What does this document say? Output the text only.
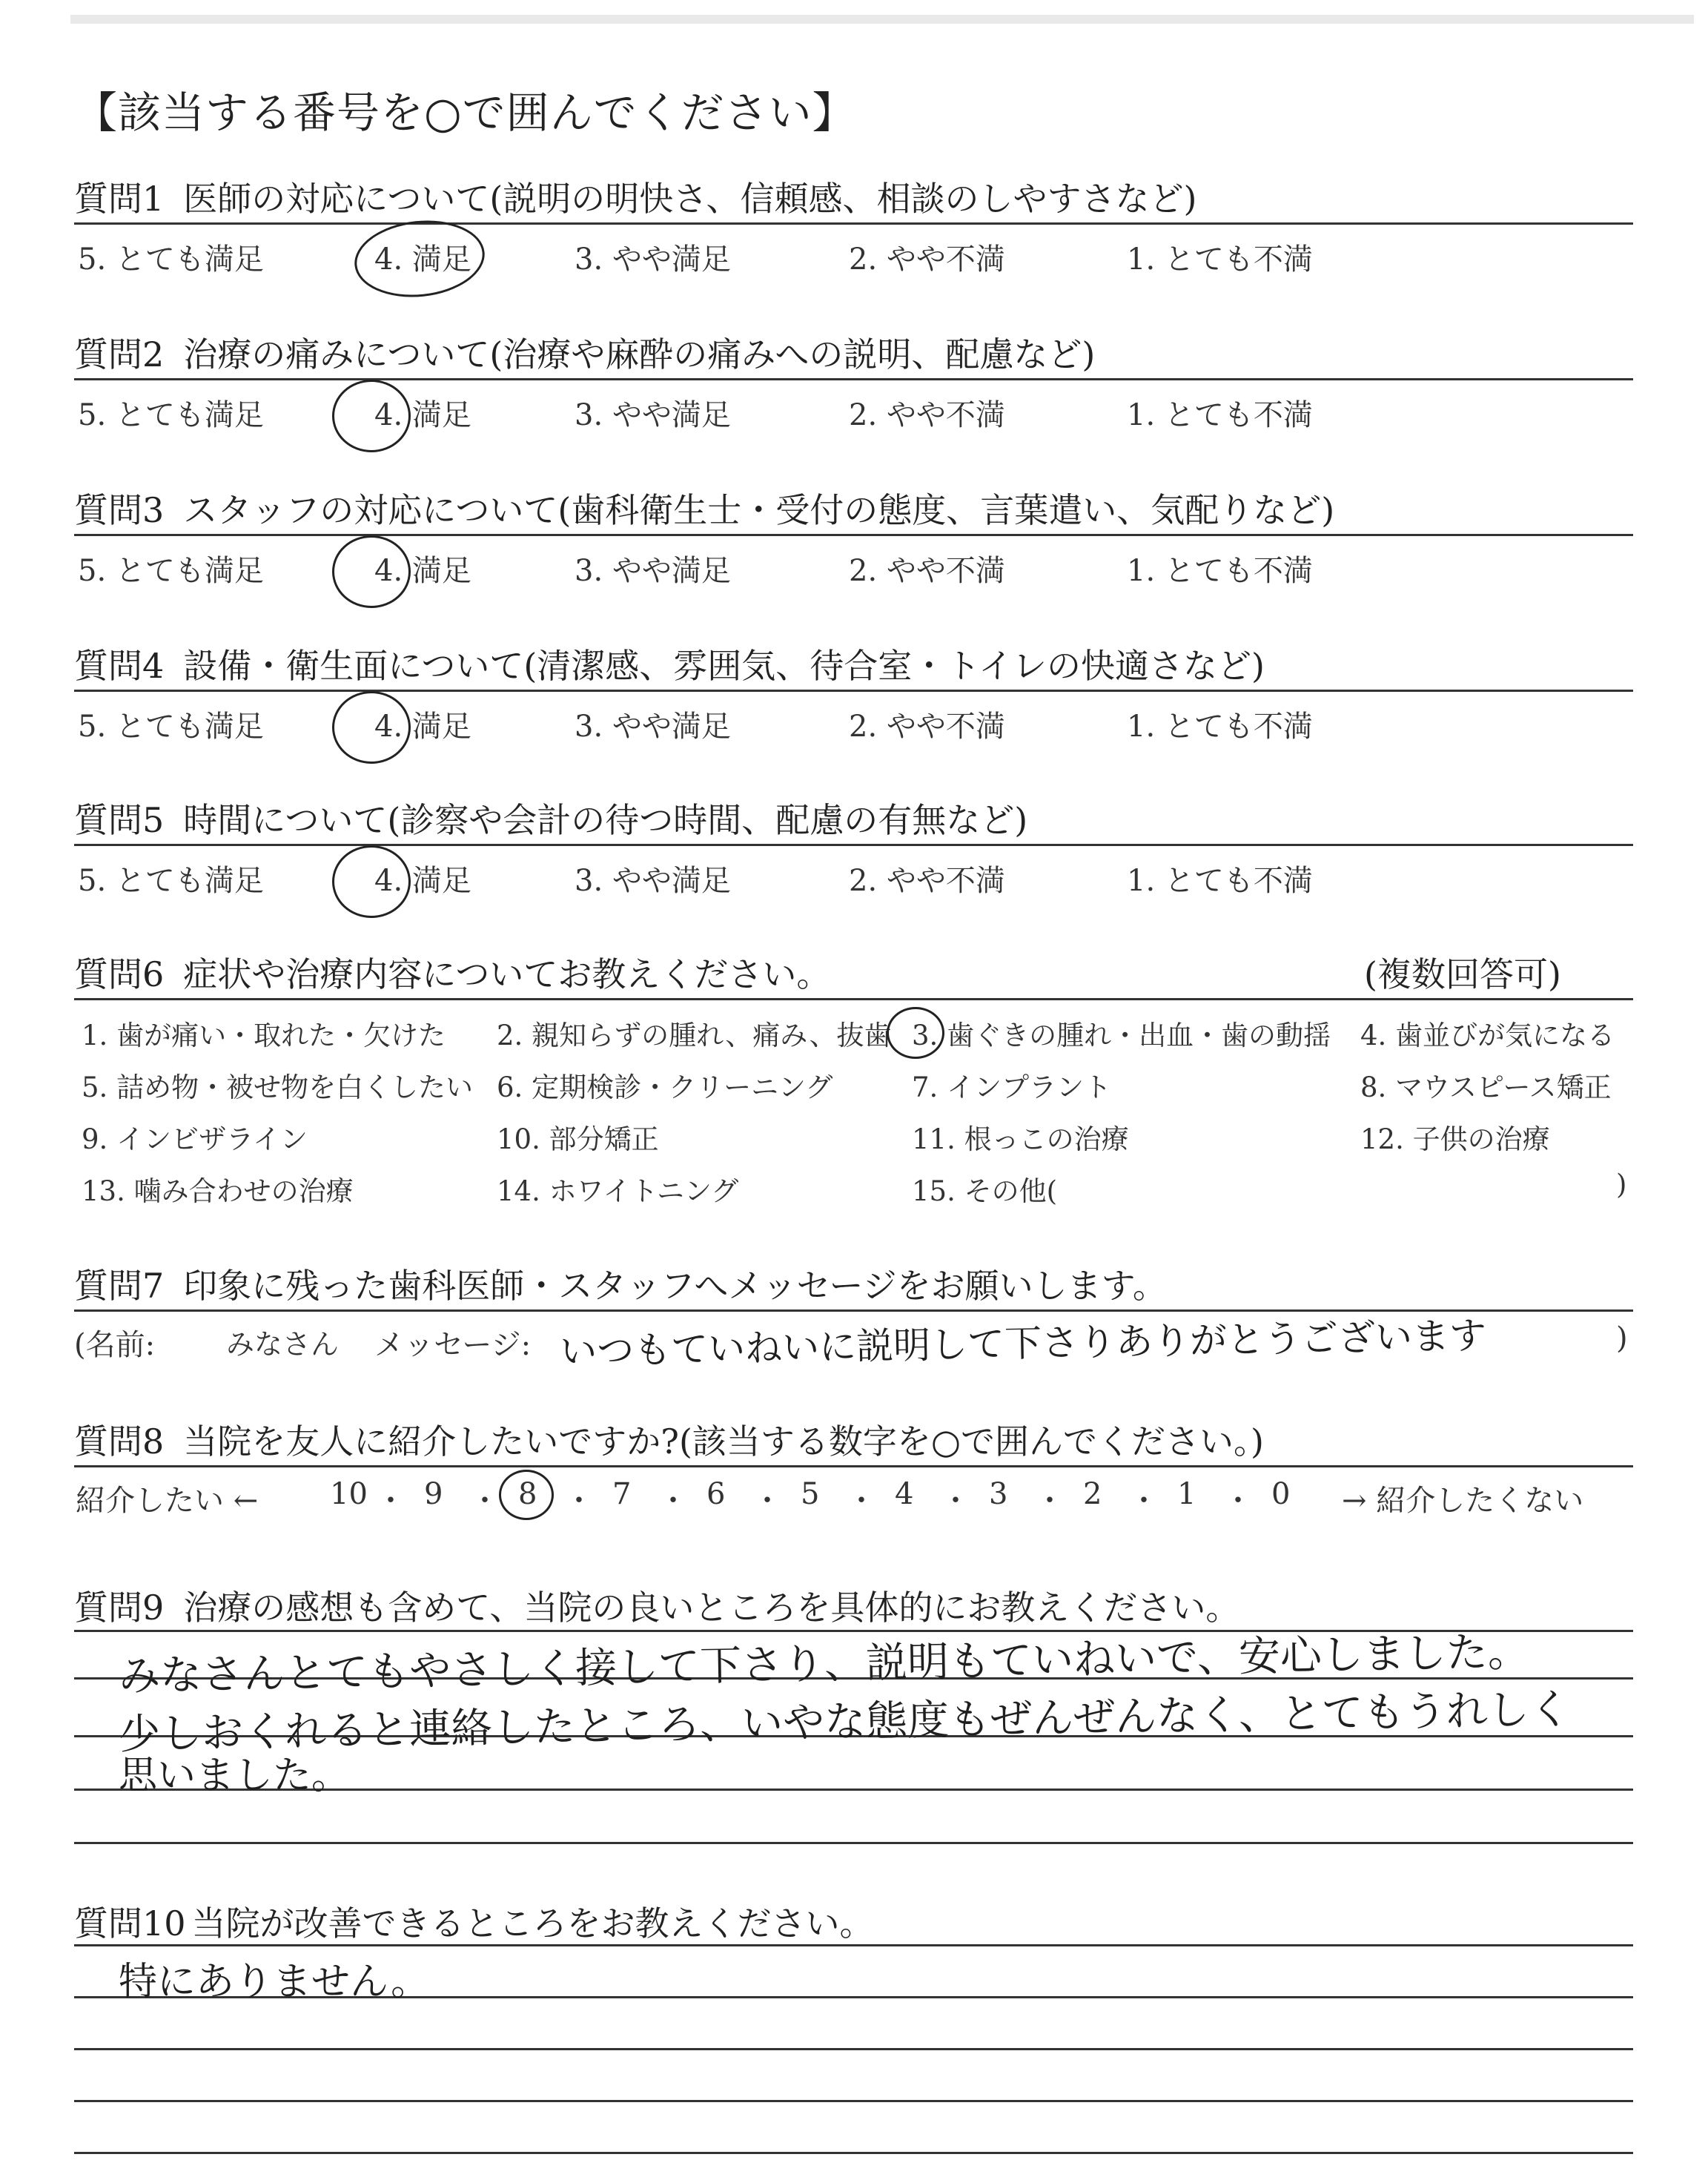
【該当する番号を○で囲んでください】
質問1 医師の対応について(説明の明快さ、信頼感、相談のしやすさなど)
5. とても満足	4. 満足	3. やや満足	2. やや不満	1. とても不満
質問2 治療の痛みについて(治療や麻酔の痛みへの説明、配慮など)
5. とても満足	4. 満足	3. やや満足	2. やや不満	1. とても不満
質問3 スタッフの対応について(歯科衛生士・受付の態度、言葉遣い、気配りなど)
5. とても満足	4. 満足	3. やや満足	2. やや不満	1. とても不満
質問4 設備・衛生面について(清潔感、雰囲気、待合室・トイレの快適さなど)
5. とても満足	4. 満足	3. やや満足	2. やや不満	1. とても不満
質問5 時間について(診察や会計の待つ時間、配慮の有無など)
5. とても満足	4. 満足	3. やや満足	2. やや不満	1. とても不満
質問6 症状や治療内容についてお教えください。	(複数回答可)
1. 歯が痛い・取れた・欠けた 2. 親知らずの腫れ、痛み、抜歯 3. 歯ぐきの腫れ・出血・歯の動揺 4. 歯並びが気になる
5. 詰め物・被せ物を白くしたい 6. 定期検診・クリーニング	7. インプラント	8. マウスピース矯正
9. インビザライン	10. 部分矯正	11. 根っこの治療	12. 子供の治療
13. 噛み合わせの治療	14. ホワイトニング	15. その他(	)
質問7 印象に残った歯科医師・スタッフへメッセージをお願いします。
(名前:	みなさん メッセージ: いつもていねいに説明して下さりありがとうございます	)
質問8 当院を友人に紹介したいですか?(該当する数字を○で囲んでください。)
紹介したい ← 10 ・ 9 ・ 8 ・ 7 ・ 6 ・ 5 ・ 4 ・ 3 ・ 2 ・ 1 ・ 0 → 紹介したくない
質問9 治療の感想も含めて、当院の良いところを具体的にお教えください。
みなさんとてもやさしく接して下さり、説明もていねいで、安心しました。
少しおくれると連絡したところ、いやな態度もぜんぜんなく、とてもうれしく
思いました。
質問10 当院が改善できるところをお教えください。
特にありません。
